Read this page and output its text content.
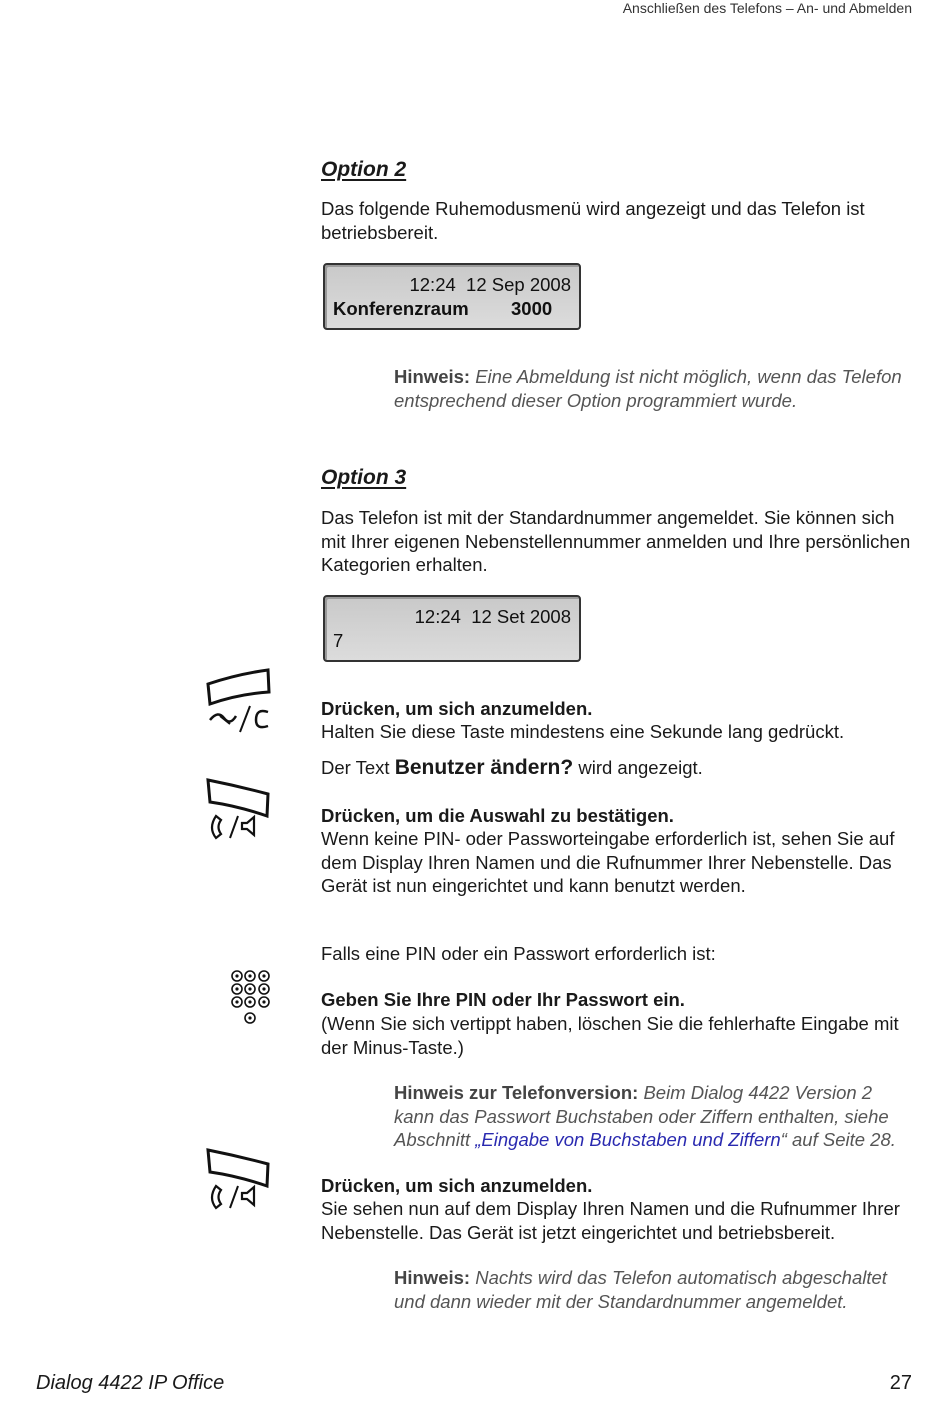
Anschließen des Telefons – An- und Abmelden
Option 2
Das folgende Ruhemodusmenü wird angezeigt und das Telefon ist betriebsbereit.
12:24  12 Sep 2008
Konferenzraum 3000
Hinweis: Eine Abmeldung ist nicht möglich, wenn das Telefon entsprechend dieser Option programmiert wurde.
Option 3
Das Telefon ist mit der Standardnummer angemeldet. Sie können sich mit Ihrer eigenen Nebenstellennummer anmelden und Ihre persönlichen Kategorien erhalten.
12:24  12 Set 2008
7
Drücken, um sich anzumelden.
Halten Sie diese Taste mindestens eine Sekunde lang gedrückt.
Der Text Benutzer ändern? wird angezeigt.
Drücken, um die Auswahl zu bestätigen.
Wenn keine PIN- oder Passworteingabe erforderlich ist, sehen Sie auf dem Display Ihren Namen und die Rufnummer Ihrer Nebenstelle. Das Gerät ist nun eingerichtet und kann benutzt werden.
Falls eine PIN oder ein Passwort erforderlich ist:
Geben Sie Ihre PIN oder Ihr Passwort ein.
(Wenn Sie sich vertippt haben, löschen Sie die fehlerhafte Eingabe mit der Minus-Taste.)
Hinweis zur Telefonversion: Beim Dialog 4422 Version 2 kann das Passwort Buchstaben oder Ziffern enthalten, siehe Abschnitt „Eingabe von Buchstaben und Ziffern“ auf Seite 28.
Drücken, um sich anzumelden.
Sie sehen nun auf dem Display Ihren Namen und die Rufnummer Ihrer Nebenstelle. Das Gerät ist jetzt eingerichtet und betriebsbereit.
Hinweis: Nachts wird das Telefon automatisch abgeschaltet und dann wieder mit der Standardnummer angemeldet.
Dialog 4422 IP Office	27
